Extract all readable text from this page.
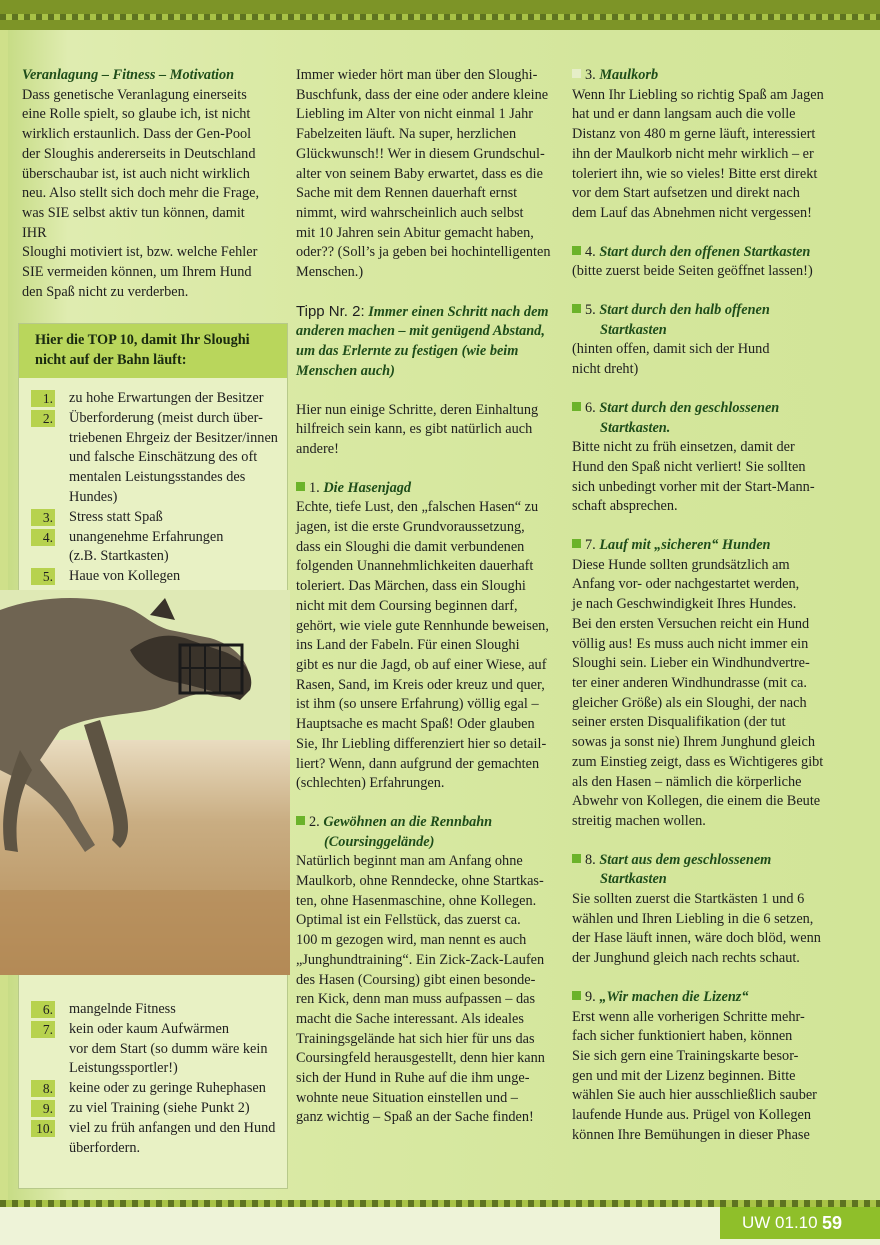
Veranlagung – Fitness – Motivation
Dass genetische Veranlagung einerseits
eine Rolle spielt, so glaube ich, ist nicht
wirklich erstaunlich. Dass der Gen-Pool
der Sloughis andererseits in Deutschland
überschaubar ist, ist auch nicht wirklich
neu. Also stellt sich doch mehr die Frage,
was SIE selbst aktiv tun können, damit IHR
Sloughi motiviert ist, bzw. welche Fehler
SIE vermeiden können, um Ihrem Hund
den Spaß nicht zu verderben.
Hier die TOP 10, damit Ihr Sloughi
nicht auf der Bahn läuft:
1. zu hohe Erwartungen der Besitzer
2. Überforderung (meist durch über-
triebenen Ehrgeiz der Besitzer/innen
und falsche Einschätzung des oft
mentalen Leistungsstandes des
Hundes)
3. Stress statt Spaß
4. unangenehme Erfahrungen
(z.B. Startkasten)
5. Haue von Kollegen
6. mangelnde Fitness
7. kein oder kaum Aufwärmen
vor dem Start (so dumm wäre kein
Leistungssportler!)
8. keine oder zu geringe Ruhephasen
9. zu viel Training (siehe Punkt 2)
10. viel zu früh anfangen und den Hund
überfordern.
Immer wieder hört man über den Sloughi-
Buschfunk, dass der eine oder andere kleine
Liebling im Alter von nicht einmal 1 Jahr
Fabelzeiten läuft. Na super, herzlichen
Glückwunsch!! Wer in diesem Grundschul-
alter von seinem Baby erwartet, dass es die
Sache mit dem Rennen dauerhaft ernst
nimmt, wird wahrscheinlich auch selbst
mit 10 Jahren sein Abitur gemacht haben,
oder?? (Soll’s ja geben bei hochintelligenten
Menschen.)
Tipp Nr. 2: Immer einen Schritt nach dem
anderen machen – mit genügend Abstand,
um das Erlernte zu festigen (wie beim
Menschen auch)
Hier nun einige Schritte, deren Einhaltung
hilfreich sein kann, es gibt natürlich auch
andere!
1. Die Hasenjagd
Echte, tiefe Lust, den „falschen Hasen“ zu
jagen, ist die erste Grundvoraussetzung,
dass ein Sloughi die damit verbundenen
folgenden Unannehmlichkeiten dauerhaft
toleriert. Das Märchen, dass ein Sloughi
nicht mit dem Coursing beginnen darf,
gehört, wie viele gute Rennhunde beweisen,
ins Land der Fabeln. Für einen Sloughi
gibt es nur die Jagd, ob auf einer Wiese, auf
Rasen, Sand, im Kreis oder kreuz und quer,
ist ihm (so unsere Erfahrung) völlig egal –
Hauptsache es macht Spaß! Oder glauben
Sie, Ihr Liebling differenziert hier so detail-
liert? Wenn, dann aufgrund der gemachten
(schlechten) Erfahrungen.
2. Gewöhnen an die Rennbahn
(Coursinggelände)
Natürlich beginnt man am Anfang ohne
Maulkorb, ohne Renndecke, ohne Startkas-
ten, ohne Hasenmaschine, ohne Kollegen.
Optimal ist ein Fellstück, das zuerst ca.
100 m gezogen wird, man nennt es auch
„Junghundtraining“. Ein Zick-Zack-Laufen
des Hasen (Coursing) gibt einen besonde-
ren Kick, denn man muss aufpassen – das
macht die Sache interessant. Als ideales
Trainingsgelände hat sich hier für uns das
Coursingfeld herausgestellt, denn hier kann
sich der Hund in Ruhe auf die ihm unge-
wohnte neue Situation einstellen und –
ganz wichtig – Spaß an der Sache finden!
3. Maulkorb
Wenn Ihr Liebling so richtig Spaß am Jagen
hat und er dann langsam auch die volle
Distanz von 480 m gerne läuft, interessiert
ihn der Maulkorb nicht mehr wirklich – er
toleriert ihn, wie so vieles! Bitte erst direkt
vor dem Start aufsetzen und direkt nach
dem Lauf das Abnehmen nicht vergessen!
4. Start durch den offenen Startkasten
(bitte zuerst beide Seiten geöffnet lassen!)
5. Start durch den halb offenen
Startkasten
(hinten offen, damit sich der Hund
nicht dreht)
6. Start durch den geschlossenen
Startkasten.
Bitte nicht zu früh einsetzen, damit der
Hund den Spaß nicht verliert! Sie sollten
sich unbedingt vorher mit der Start-Mann-
schaft absprechen.
7. Lauf mit „sicheren“ Hunden
Diese Hunde sollten grundsätzlich am
Anfang vor- oder nachgestartet werden,
je nach Geschwindigkeit Ihres Hundes.
Bei den ersten Versuchen reicht ein Hund
völlig aus! Es muss auch nicht immer ein
Sloughi sein. Lieber ein Windhundvertre-
ter einer anderen Windhundrasse (mit ca.
gleicher Größe) als ein Sloughi, der nach
seiner ersten Disqualifikation (der tut
sowas ja sonst nie) Ihrem Junghund gleich
zum Einstieg zeigt, dass es Wichtigeres gibt
als den Hasen – nämlich die körperliche
Abwehr von Kollegen, die einem die Beute
streitig machen wollen.
8. Start aus dem geschlossenem
Startkasten
Sie sollten zuerst die Startkästen 1 und 6
wählen und Ihren Liebling in die 6 setzen,
der Hase läuft innen, wäre doch blöd, wenn
der Junghund gleich nach rechts schaut.
9. „Wir machen die Lizenz“
Erst wenn alle vorherigen Schritte mehr-
fach sicher funktioniert haben, können
Sie sich gern eine Trainingskarte besor-
gen und mit der Lizenz beginnen. Bitte
wählen Sie auch hier ausschließlich sauber
laufende Hunde aus. Prügel von Kollegen
können Ihre Bemühungen in dieser Phase
UW 01.10 59
